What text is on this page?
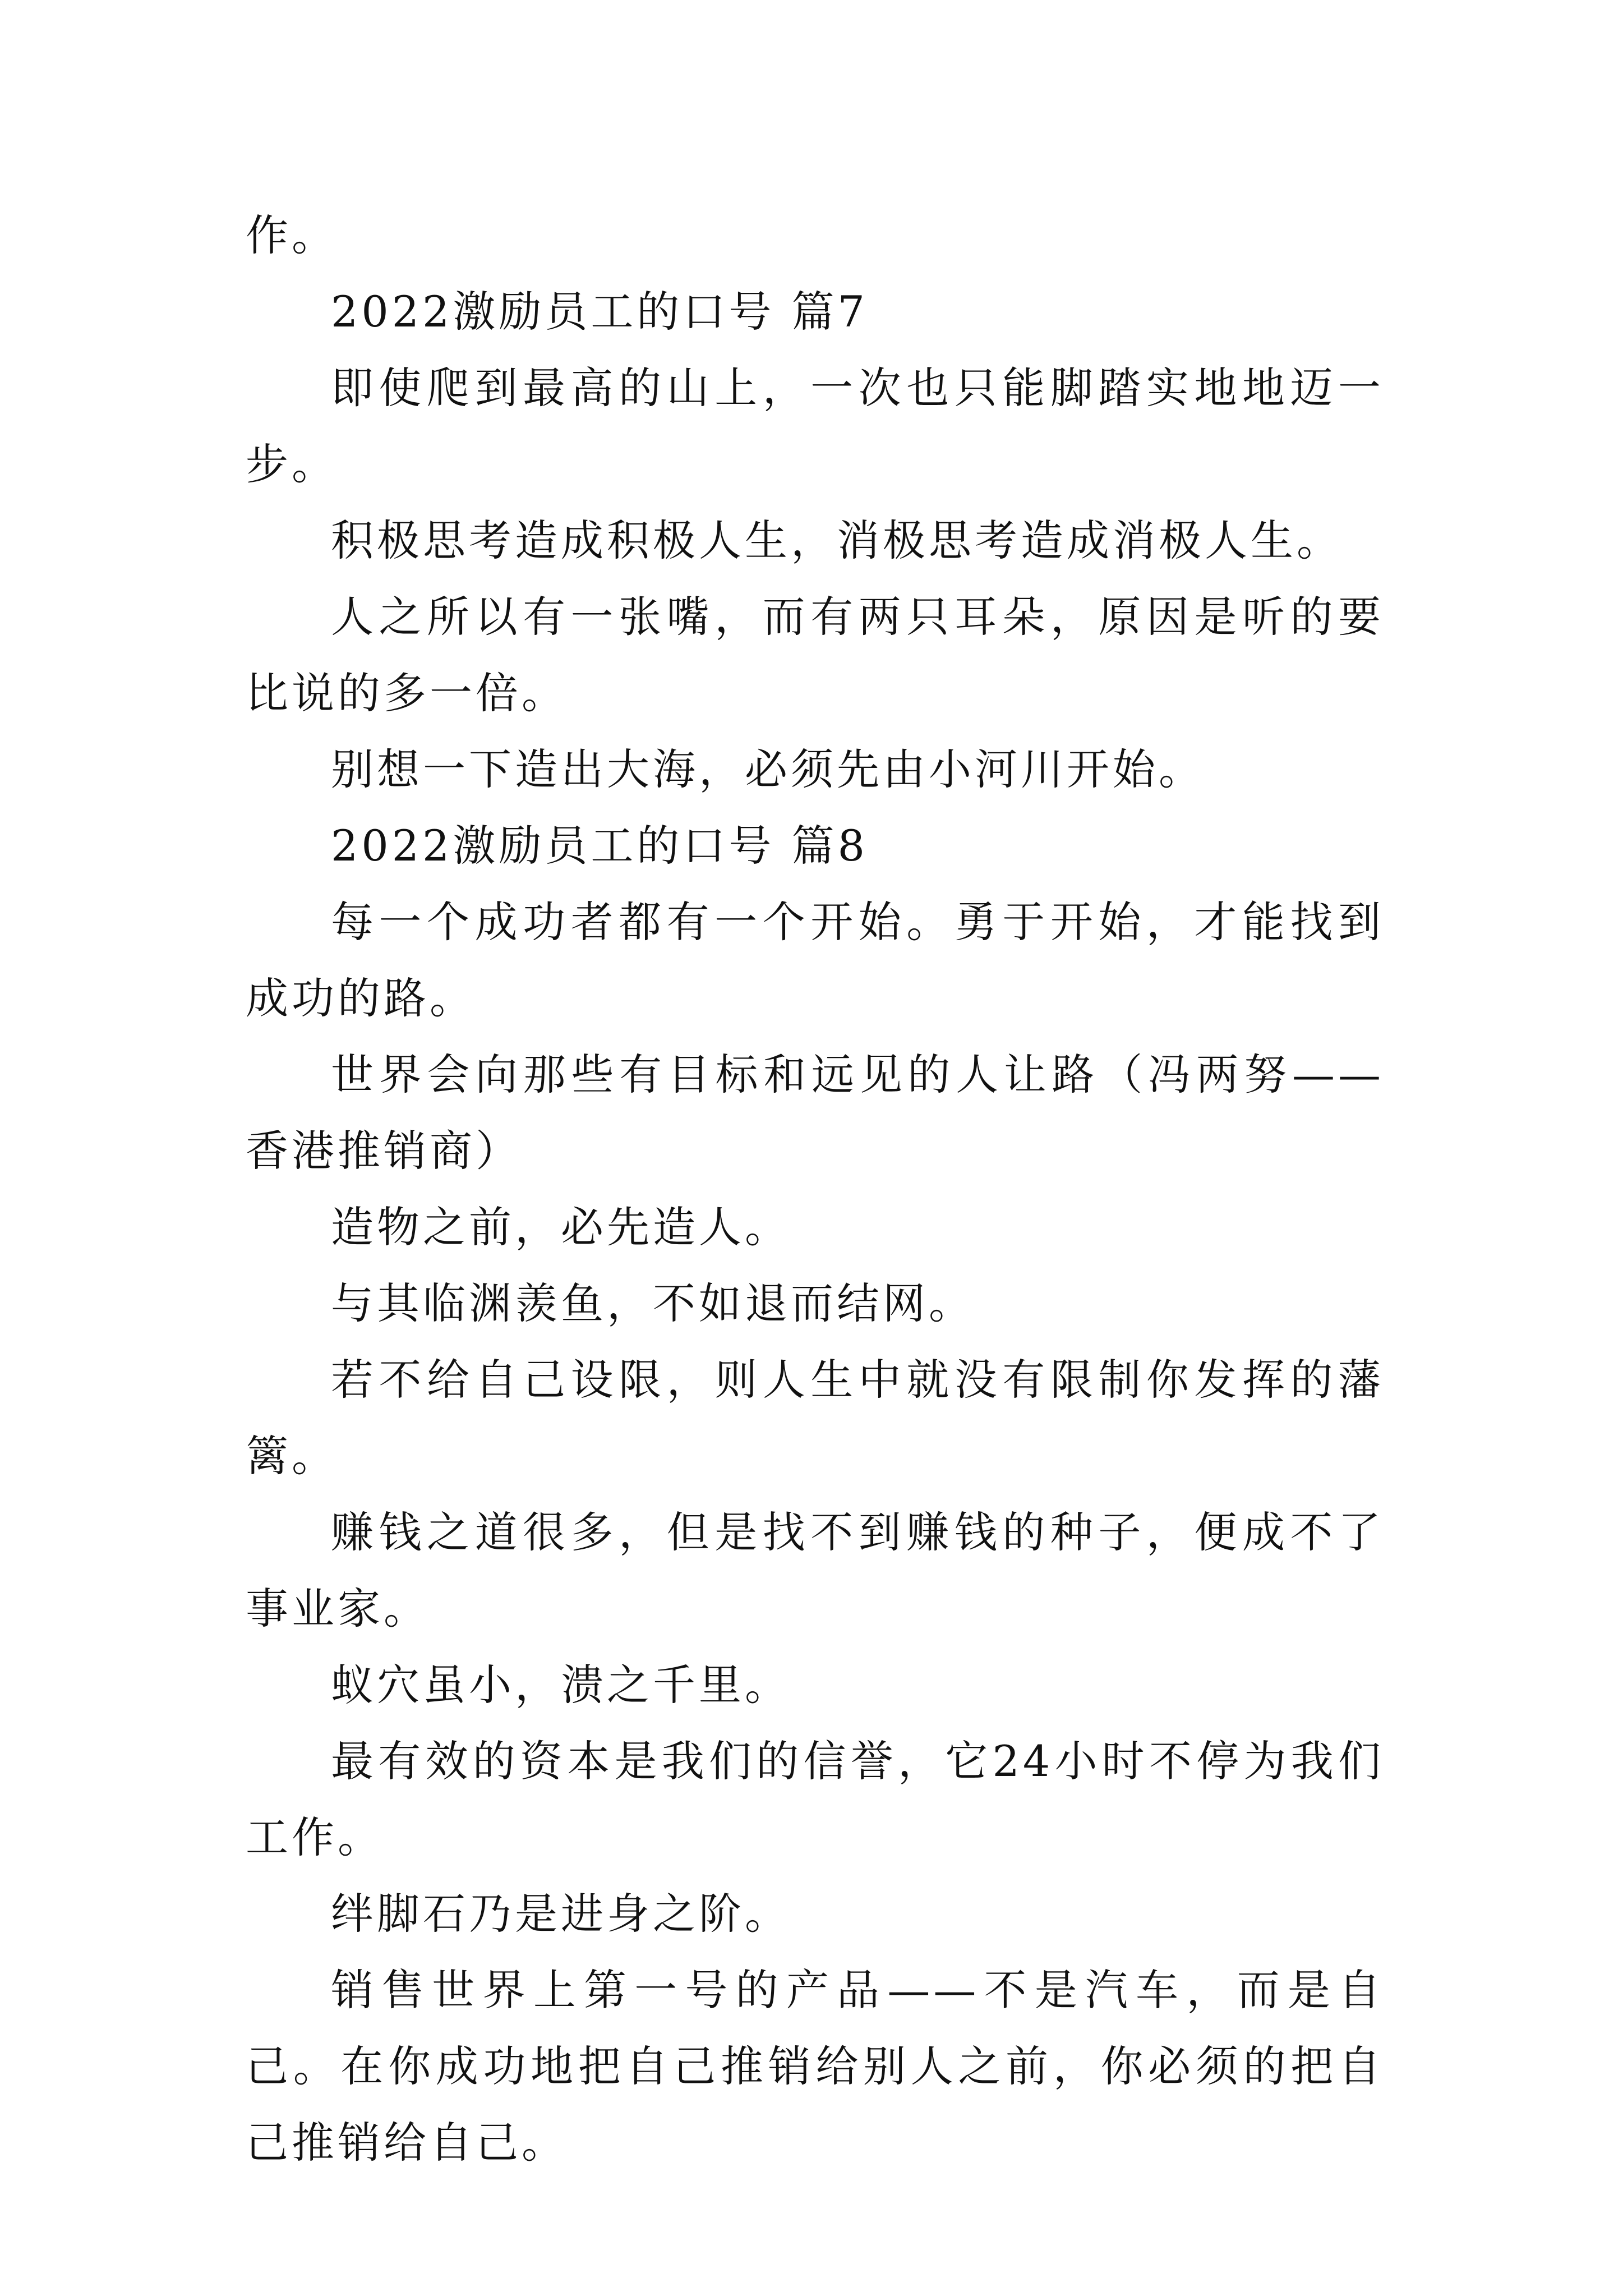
作。

2022激励员工的口号 篇7

即使爬到最高的山上，一次也只能脚踏实地地迈一步。

积极思考造成积极人生，消极思考造成消极人生。

人之所以有一张嘴，而有两只耳朵，原因是听的要比说的多一倍。

别想一下造出大海，必须先由小河川开始。

2022激励员工的口号 篇8

每一个成功者都有一个开始。勇于开始，才能找到成功的路。

世界会向那些有目标和远见的人让路（冯两努——香港推销商）

造物之前，必先造人。

与其临渊羡鱼，不如退而结网。

若不给自己设限，则人生中就没有限制你发挥的藩篱。

赚钱之道很多，但是找不到赚钱的种子，便成不了事业家。

蚁穴虽小，溃之千里。

最有效的资本是我们的信誉，它24小时不停为我们工作。

绊脚石乃是进身之阶。

销售世界上第一号的产品——不是汽车，而是自己。在你成功地把自己推销给别人之前，你必须的把自己推销给自己。
